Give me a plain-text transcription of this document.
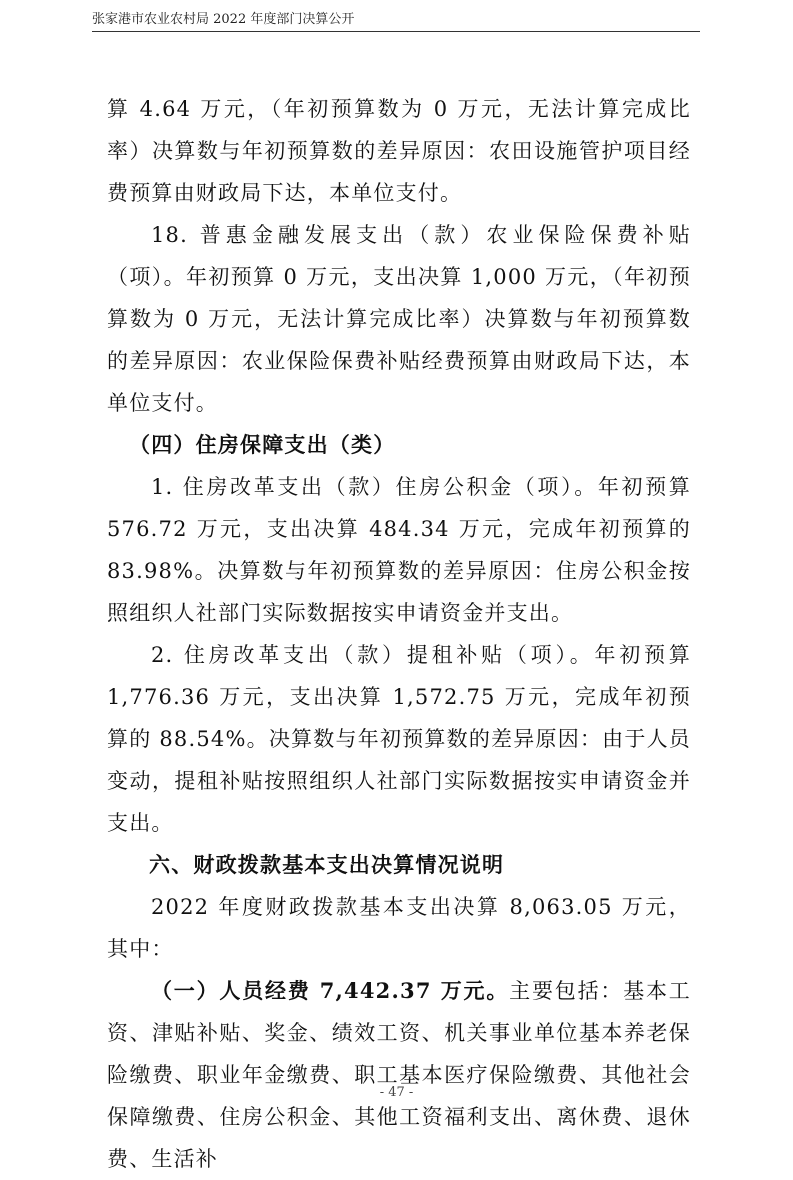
张家港市农业农村局 2022 年度部门决算公开

算 4.64 万元，（年初预算数为 0 万元，无法计算完成比率）决算数与年初预算数的差异原因：农田设施管护项目经费预算由财政局下达，本单位支付。

18. 普惠金融发展支出（款）农业保险保费补贴（项）。年初预算 0 万元，支出决算 1,000 万元，（年初预算数为 0 万元，无法计算完成比率）决算数与年初预算数的差异原因：农业保险保费补贴经费预算由财政局下达，本单位支付。

（四）住房保障支出（类）

1. 住房改革支出（款）住房公积金（项）。年初预算 576.72 万元，支出决算 484.34 万元，完成年初预算的 83.98%。决算数与年初预算数的差异原因：住房公积金按照组织人社部门实际数据按实申请资金并支出。

2. 住房改革支出（款）提租补贴（项）。年初预算 1,776.36 万元，支出决算 1,572.75 万元，完成年初预算的 88.54%。决算数与年初预算数的差异原因：由于人员变动，提租补贴按照组织人社部门实际数据按实申请资金并支出。

六、财政拨款基本支出决算情况说明

2022 年度财政拨款基本支出决算 8,063.05 万元，其中：

（一）人员经费 7,442.37 万元。主要包括：基本工资、津贴补贴、奖金、绩效工资、机关事业单位基本养老保险缴费、职业年金缴费、职工基本医疗保险缴费、其他社会保障缴费、住房公积金、其他工资福利支出、离休费、退休费、生活补

- 47 -
